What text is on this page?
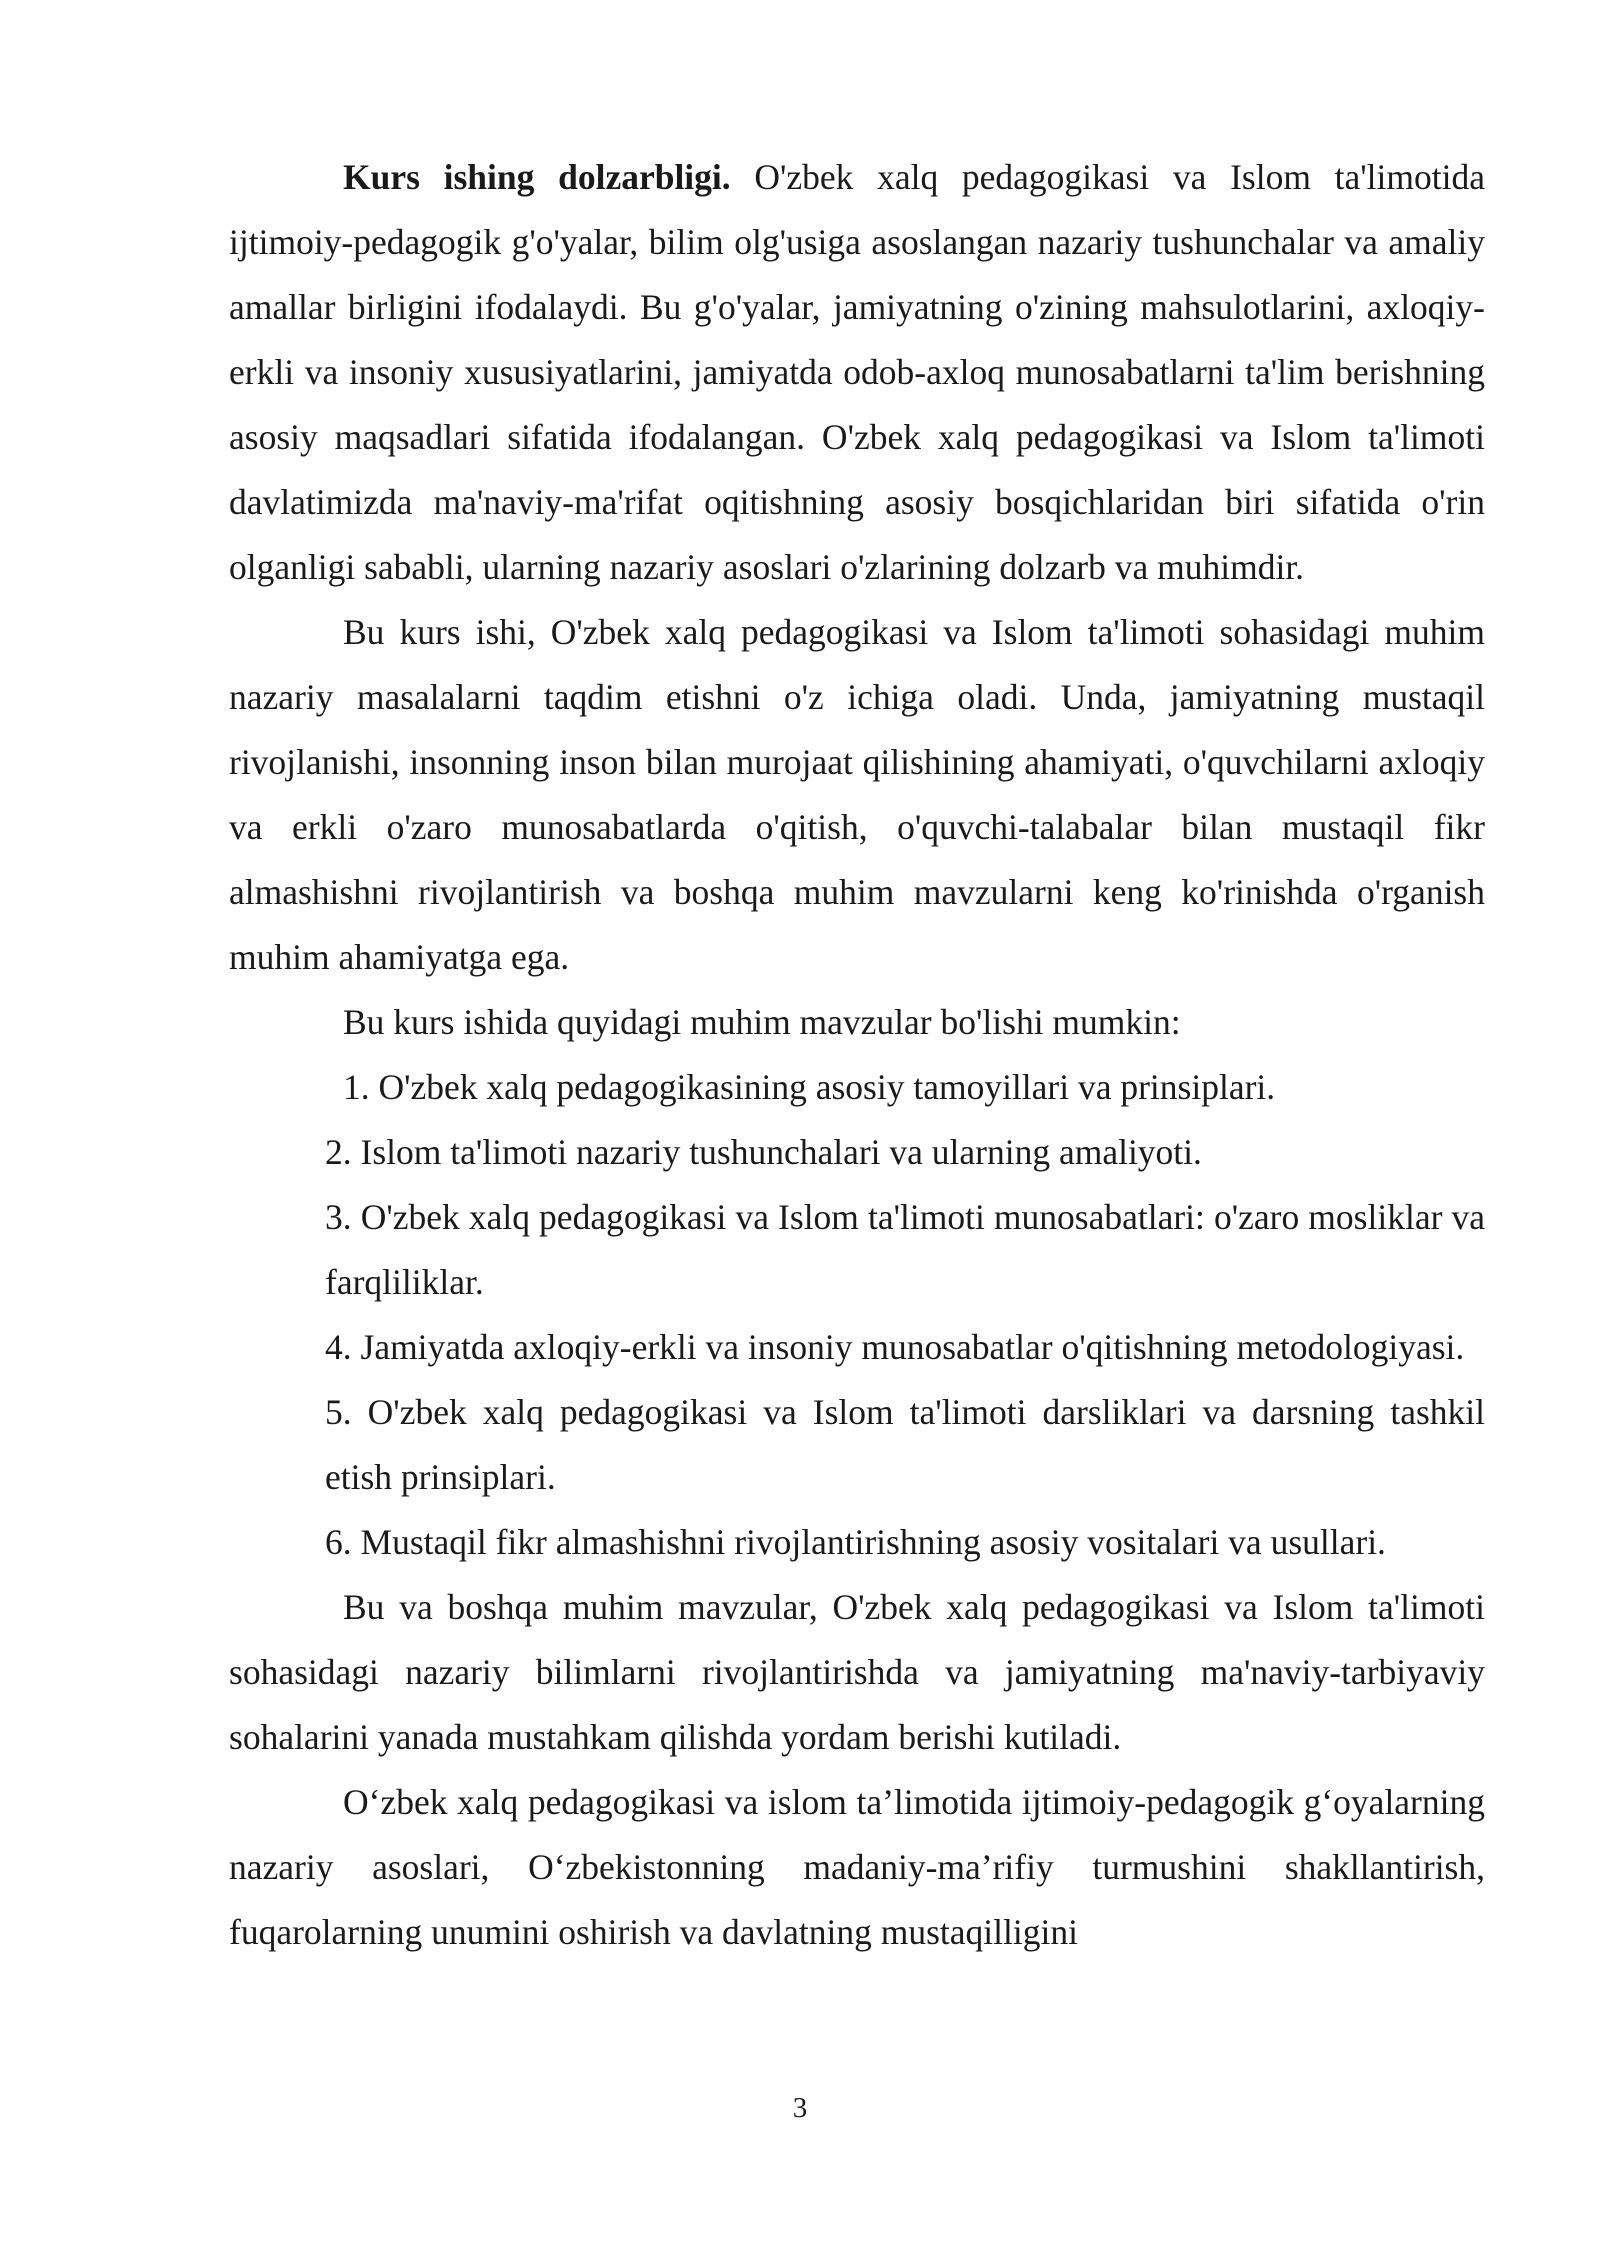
Kurs ishing dolzarbligi. O'zbek xalq pedagogikasi va Islom ta'limotida ijtimoiy-pedagogik g'o'yalar, bilim olg'usiga asoslangan nazariy tushunchalar va amaliy amallar birligini ifodalaydi. Bu g'o'yalar, jamiyatning o'zining mahsulotlarini, axloqiy-erkli va insoniy xususiyatlarini, jamiyatda odob-axloq munosabatlarni ta'lim berishning asosiy maqsadlari sifatida ifodalangan. O'zbek xalq pedagogikasi va Islom ta'limoti davlatimizda ma'naviy-ma'rifat oqitishning asosiy bosqichlaridan biri sifatida o'rin olganligi sababli, ularning nazariy asoslari o'zlarining dolzarb va muhimdir.

Bu kurs ishi, O'zbek xalq pedagogikasi va Islom ta'limoti sohasidagi muhim nazariy masalalarni taqdim etishni o'z ichiga oladi. Unda, jamiyatning mustaqil rivojlanishi, insonning inson bilan murojaat qilishining ahamiyati, o'quvchilarni axloqiy va erkli o'zaro munosabatlarda o'qitish, o'quvchi-talabalar bilan mustaqil fikr almashishni rivojlantirish va boshqa muhim mavzularni keng ko'rinishda o'rganish muhim ahamiyatga ega.

Bu kurs ishida quyidagi muhim mavzular bo'lishi mumkin:

1. O'zbek xalq pedagogikasining asosiy tamoyillari va prinsiplari.

2. Islom ta'limoti nazariy tushunchalari va ularning amaliyoti.

3. O'zbek xalq pedagogikasi va Islom ta'limoti munosabatlari: o'zaro mosliklar va farqliliklar.

4. Jamiyatda axloqiy-erkli va insoniy munosabatlar o'qitishning metodologiyasi.

5. O'zbek xalq pedagogikasi va Islom ta'limoti darsliklari va darsning tashkil etish prinsiplari.

6. Mustaqil fikr almashishni rivojlantirishning asosiy vositalari va usullari.

Bu va boshqa muhim mavzular, O'zbek xalq pedagogikasi va Islom ta'limoti sohasidagi nazariy bilimlarni rivojlantirishda va jamiyatning ma'naviy-tarbiyaviy sohalarini yanada mustahkam qilishda yordam berishi kutiladi.

O‘zbek xalq pedagogikasi va islom ta’limotida ijtimoiy-pedagogik g‘oyalarning nazariy asoslari, O‘zbekistonning madaniy-ma’rifiy turmushini shakllantirish, fuqarolarning unumini oshirish va davlatning mustaqilligini

3
